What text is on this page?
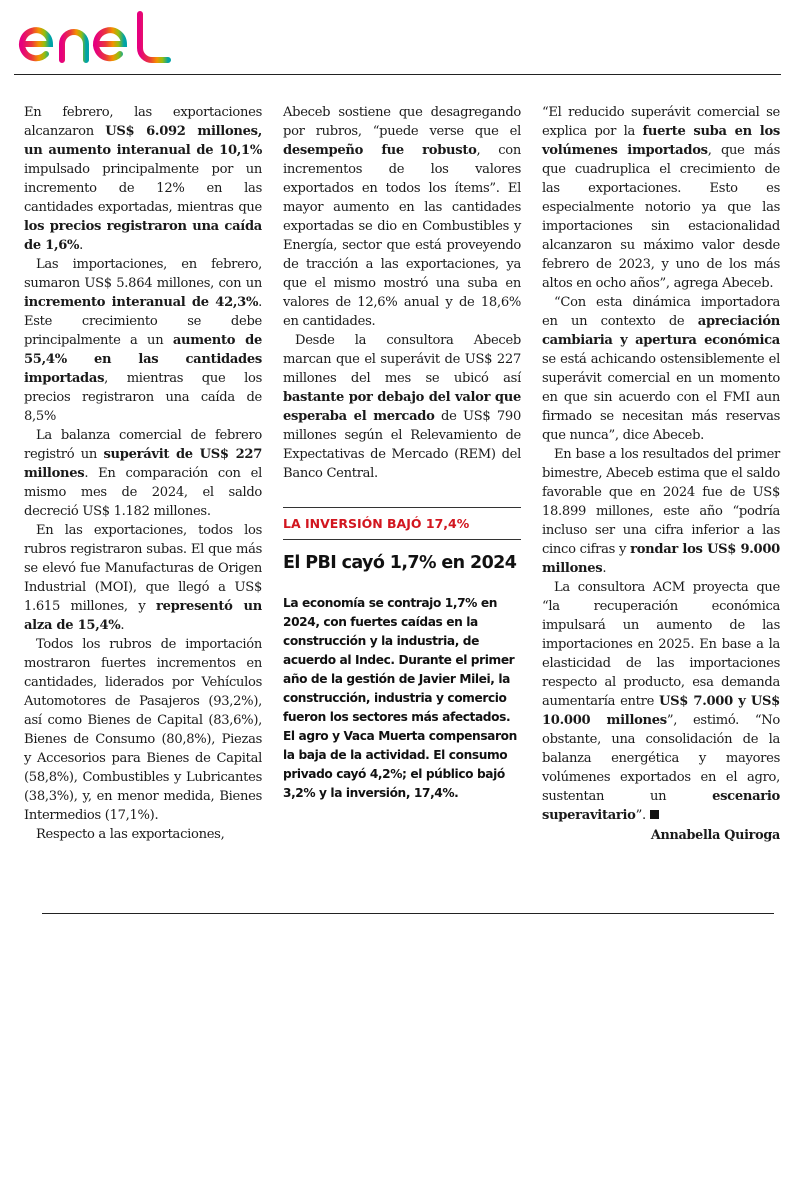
En febrero, las exportaciones alcanzaron US$ 6.092 millones, un aumento interanual de 10,1% impulsado principalmente por un incremento de 12% en las cantidades exportadas, mientras que los precios registraron una caída de 1,6%.

Las importaciones, en febrero, sumaron US$ 5.864 millones, con un incremento interanual de 42,3%. Este crecimiento se debe principalmente a un aumento de 55,4% en las cantidades importadas, mientras que los precios registraron una caída de 8,5%

La balanza comercial de febrero registró un superávit de US$ 227 millones. En comparación con el mismo mes de 2024, el saldo decreció US$ 1.182 millones.

En las exportaciones, todos los rubros registraron subas. El que más se elevó fue Manufacturas de Origen Industrial (MOI), que llegó a US$ 1.615 millones, y representó un alza de 15,4%.

Todos los rubros de importación mostraron fuertes incrementos en cantidades, liderados por Vehículos Automotores de Pasajeros (93,2%), así como Bienes de Capital (83,6%), Bienes de Consumo (80,8%), Piezas y Accesorios para Bienes de Capital (58,8%), Combustibles y Lubricantes (38,3%), y, en menor medida, Bienes Intermedios (17,1%).

Respecto a las exportaciones,

Abeceb sostiene que desagregando por rubros, “puede verse que el desempeño fue robusto, con incrementos de los valores exportados en todos los ítems”. El mayor aumento en las cantidades exportadas se dio en Combustibles y Energía, sector que está proveyendo de tracción a las exportaciones, ya que el mismo mostró una suba en valores de 12,6% anual y de 18,6% en cantidades.

Desde la consultora Abeceb marcan que el superávit de US$ 227 millones del mes se ubicó así bastante por debajo del valor que esperaba el mercado de US$ 790 millones según el Relevamiento de Expectativas de Mercado (REM) del Banco Central.

LA INVERSIÓN BAJÓ 17,4%
El PBI cayó 1,7% en 2024
La economía se contrajo 1,7% en 2024, con fuertes caídas en la construcción y la industria, de acuerdo al Indec. Durante el primer año de la gestión de Javier Milei, la construcción, industria y comercio fueron los sectores más afectados. El agro y Vaca Muerta compensaron la baja de la actividad. El consumo privado cayó 4,2%; el público bajó 3,2% y la inversión, 17,4%.

“El reducido superávit comercial se explica por la fuerte suba en los volúmenes importados, que más que cuadruplica el crecimiento de las exportaciones. Esto es especialmente notorio ya que las importaciones sin estacionalidad alcanzaron su máximo valor desde febrero de 2023, y uno de los más altos en ocho años”, agrega Abeceb.

“Con esta dinámica importadora en un contexto de apreciación cambiaria y apertura económica se está achicando ostensiblemente el superávit comercial en un momento en que sin acuerdo con el FMI aun firmado se necesitan más reservas que nunca”, dice Abeceb.

En base a los resultados del primer bimestre, Abeceb estima que el saldo favorable que en 2024 fue de US$ 18.899 millones, este año “podría incluso ser una cifra inferior a las cinco cifras y rondar los US$ 9.000 millones.

La consultora ACM proyecta que “la recuperación económica impulsará un aumento de las importaciones en 2025. En base a la elasticidad de las importaciones respecto al producto, esa demanda aumentaría entre US$ 7.000 y US$ 10.000 millones”, estimó. “No obstante, una consolidación de la balanza energética y mayores volúmenes exportados en el agro, sustentan un escenario superavitario”.

Annabella Quiroga
